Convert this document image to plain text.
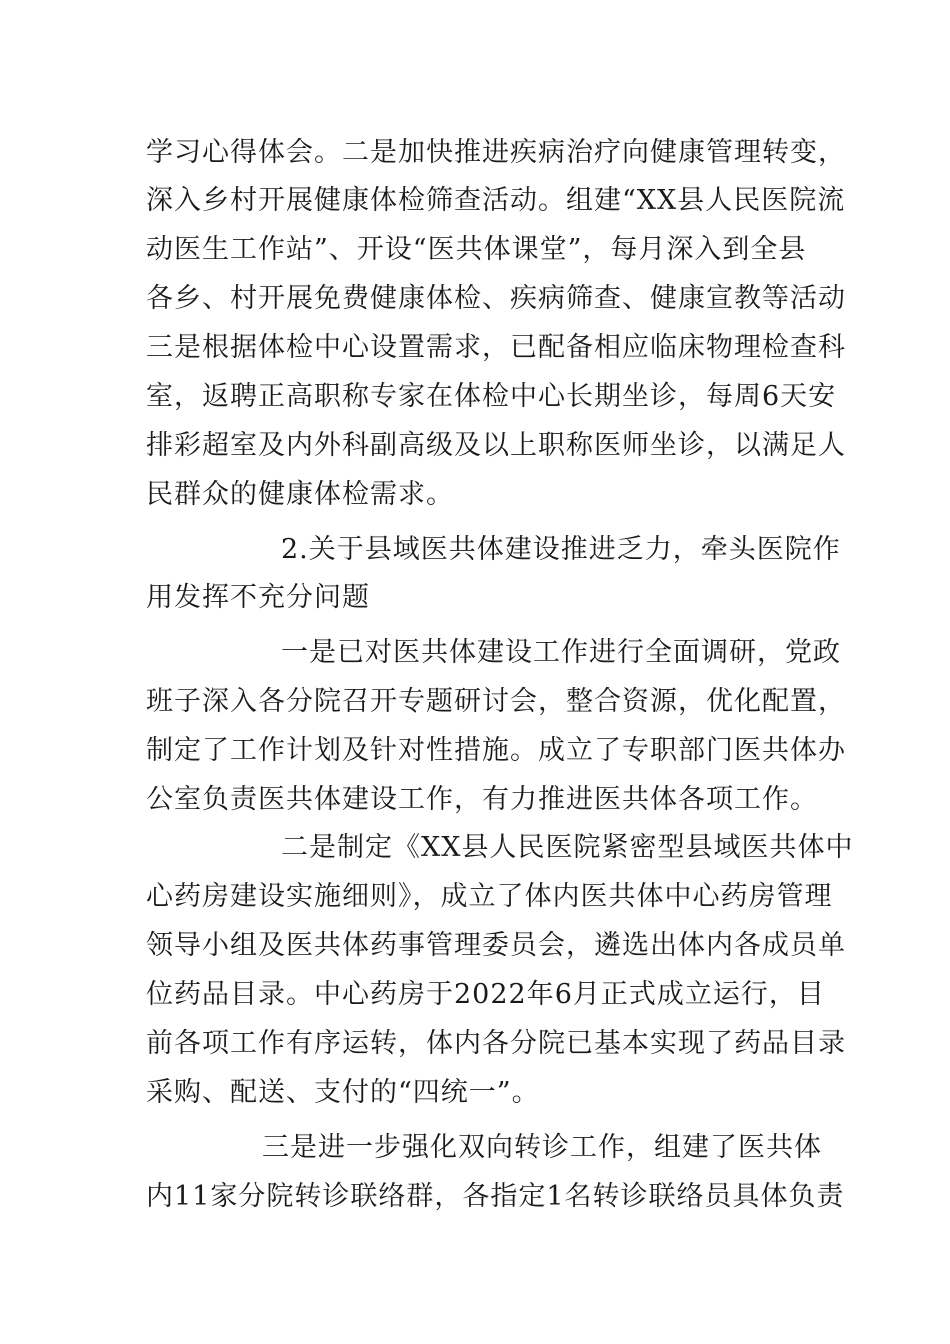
学习心得体会。二是加快推进疾病治疗向健康管理转变，
深入乡村开展健康体检筛查活动。组建“XX县人民医院流
动医生工作站”、开设“医共体课堂”，每月深入到全县
各乡、村开展免费健康体检、疾病筛查、健康宣教等活动
三是根据体检中心设置需求，已配备相应临床物理检查科
室，返聘正高职称专家在体检中心长期坐诊，每周6天安
排彩超室及内外科副高级及以上职称医师坐诊，以满足人
民群众的健康体检需求。
2.关于县域医共体建设推进乏力，牵头医院作
用发挥不充分问题
一是已对医共体建设工作进行全面调研，党政
班子深入各分院召开专题研讨会，整合资源，优化配置，
制定了工作计划及针对性措施。成立了专职部门医共体办
公室负责医共体建设工作，有力推进医共体各项工作。
二是制定《XX县人民医院紧密型县域医共体中
心药房建设实施细则》，成立了体内医共体中心药房管理
领导小组及医共体药事管理委员会，遴选出体内各成员单
位药品目录。中心药房于2022年6月正式成立运行，目
前各项工作有序运转，体内各分院已基本实现了药品目录
采购、配送、支付的“四统一”。
三是进一步强化双向转诊工作，组建了医共体
内11家分院转诊联络群，各指定1名转诊联络员具体负责
